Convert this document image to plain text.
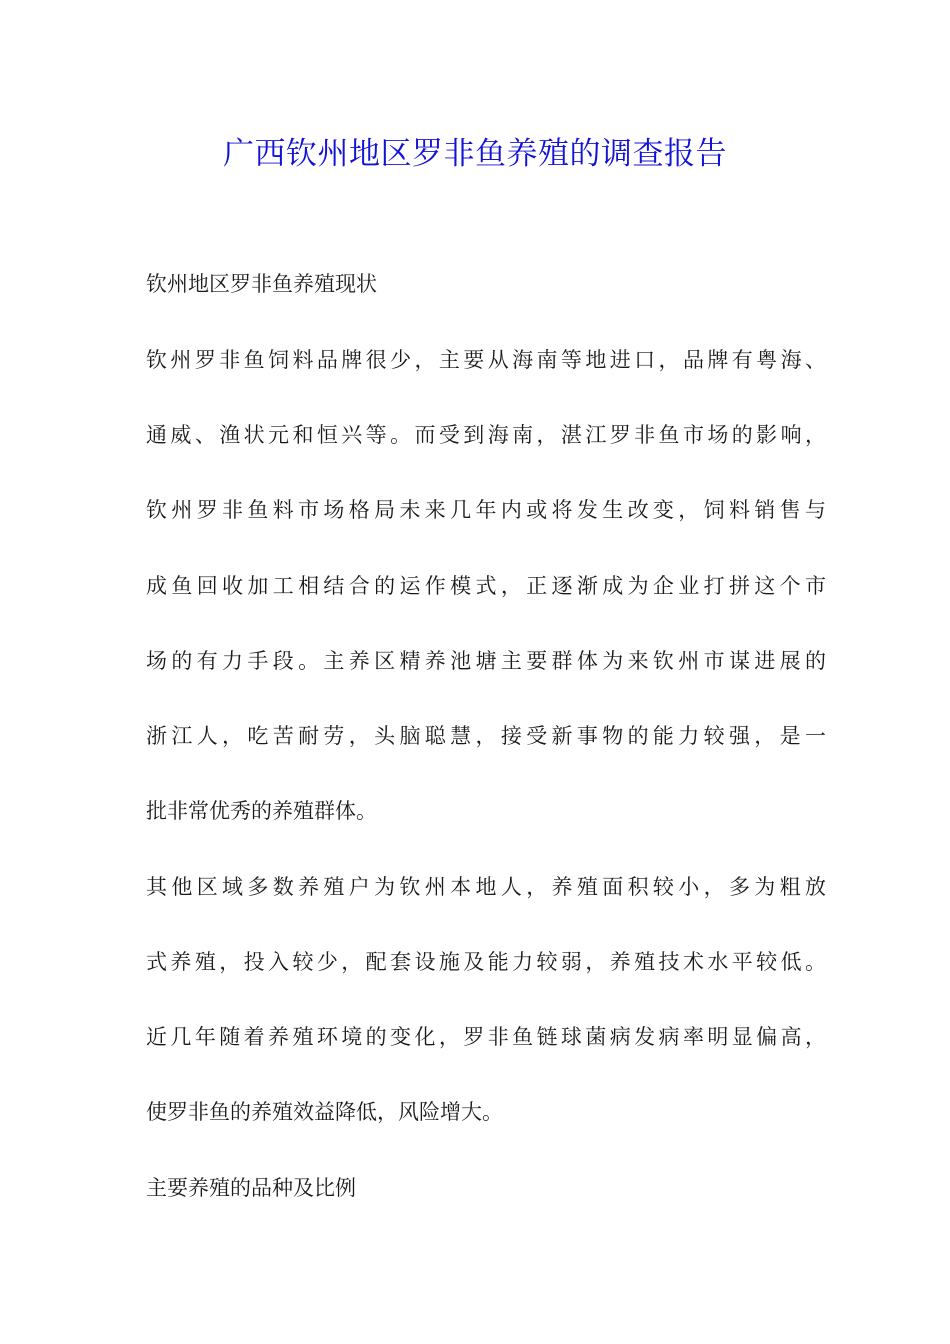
广西钦州地区罗非鱼养殖的调查报告

钦州地区罗非鱼养殖现状

钦州罗非鱼饲料品牌很少，主要从海南等地进口，品牌有粤海、

通威、渔状元和恒兴等。而受到海南，湛江罗非鱼市场的影响，

钦州罗非鱼料市场格局未来几年内或将发生改变，饲料销售与

成鱼回收加工相结合的运作模式，正逐渐成为企业打拼这个市

场的有力手段。主养区精养池塘主要群体为来钦州市谋进展的

浙江人，吃苦耐劳，头脑聪慧，接受新事物的能力较强，是一

批非常优秀的养殖群体。

其他区域多数养殖户为钦州本地人，养殖面积较小，多为粗放

式养殖，投入较少，配套设施及能力较弱，养殖技术水平较低。

近几年随着养殖环境的变化，罗非鱼链球菌病发病率明显偏高，

使罗非鱼的养殖效益降低，风险增大。

主要养殖的品种及比例
